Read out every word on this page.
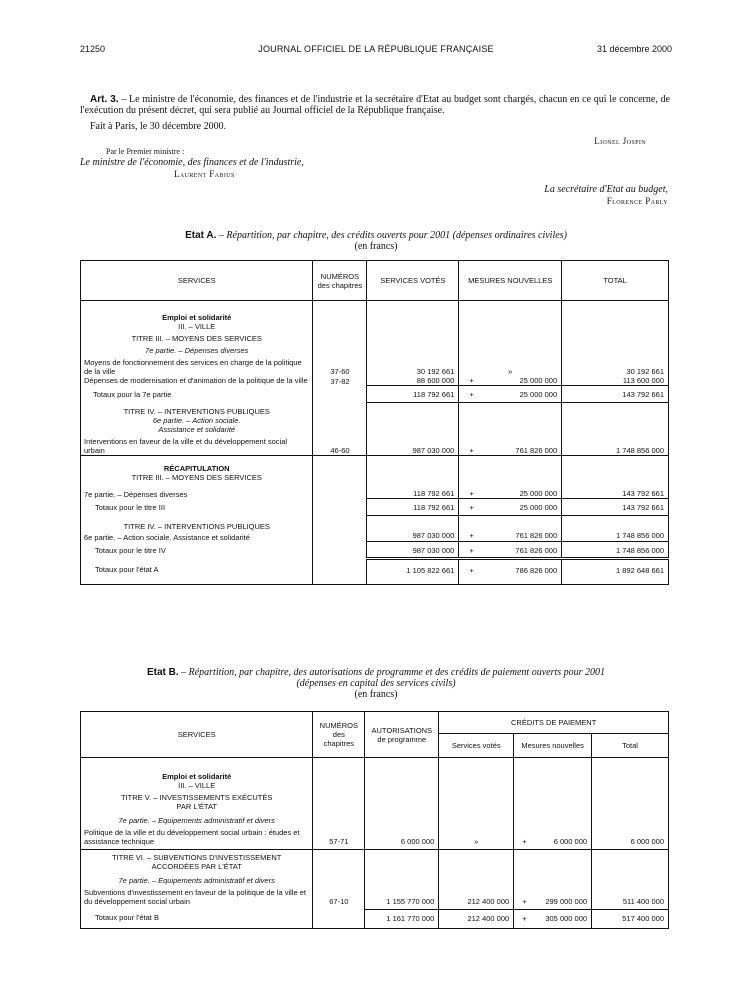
21250	JOURNAL OFFICIEL DE LA RÉPUBLIQUE FRANÇAISE	31 décembre 2000
Art. 3. – Le ministre de l'économie, des finances et de l'industrie et la secrétaire d'Etat au budget sont chargés, chacun en ce qui le concerne, de l'exécution du présent décret, qui sera publié au Journal officiel de la République française.
Fait à Paris, le 30 décembre 2000.
Lionel Jospin
Par le Premier ministre :
Le ministre de l'économie, des finances et de l'industrie,
Laurent Fabius
La secrétaire d'Etat au budget,
Florence Parly
Etat A. – Répartition, par chapitre, des crédits ouverts pour 2001 (dépenses ordinaires civiles)
(en francs)
SERVICES	NUMÉROS des chapitres	SERVICES VOTÉS	MESURES NOUVELLES	TOTAL
Emploi et solidarité				
III. – VILLE				
TITRE III. – MOYENS DES SERVICES				
7e partie. – Dépenses diverses				
Moyens de fonctionnement des services en charge de la politique de la ville	37-60	30 192 661	»	30 192 661
Dépenses de modernisation et d'animation de la politique de la ville	37-82	88 600 000	+ 25 000 000	113 600 000
Totaux pour la 7e partie		118 792 661	+ 25 000 000	143 792 661
TITRE IV. – INTERVENTIONS PUBLIQUES				
6e partie. – Action sociale.				
Assistance et solidarité				
Interventions en faveur de la ville et du développement social urbain	46-60	987 030 000	+ 761 826 000	1 748 856 000
RÉCAPITULATION				
TITRE III. – MOYENS DES SERVICES				
7e partie. – Dépenses diverses		118 792 661	+ 25 000 000	143 792 661
Totaux pour le titre III		118 792 661	+ 25 000 000	143 792 661
TITRE IV. – INTERVENTIONS PUBLIQUES				
6e partie. – Action sociale. Assistance et solidarité		987 030 000	+ 761 826 000	1 748 856 000
Totaux pour le titre IV		987 030 000	+ 761 826 000	1 748 856 000
Totaux pour l'état A		1 105 822 661	+ 786 826 000	1 892 648 661
Etat B. – Répartition, par chapitre, des autorisations de programme et des crédits de paiement ouverts pour 2001
(dépenses en capital des services civils)
(en francs)
SERVICES	NUMÉROS des chapitres	AUTORISATIONS de programme	CRÉDITS DE PAIEMENT		
			Services votés	Mesures nouvelles	Total
Emploi et solidarité					
III. – VILLE					
TITRE V. – INVESTISSEMENTS EXÉCUTÉS					
PAR L'ÉTAT					
7e partie. – Equipements administratif et divers					
Politique de la ville et du développement social urbain : études et assistance technique	57-71	6 000 000	»	+ 6 000 000	6 000 000
TITRE VI. – SUBVENTIONS D'INVESTISSEMENT					
ACCORDÉES PAR L'ÉTAT					
7e partie. – Equipements administratif et divers					
Subventions d'investissement en faveur de la politique de la ville et du développement social urbain	67-10	1 155 770 000	212 400 000	+ 299 000 000	511 400 000
Totaux pour l'état B		1 161 770 000	212 400 000	+ 305 000 000	517 400 000
